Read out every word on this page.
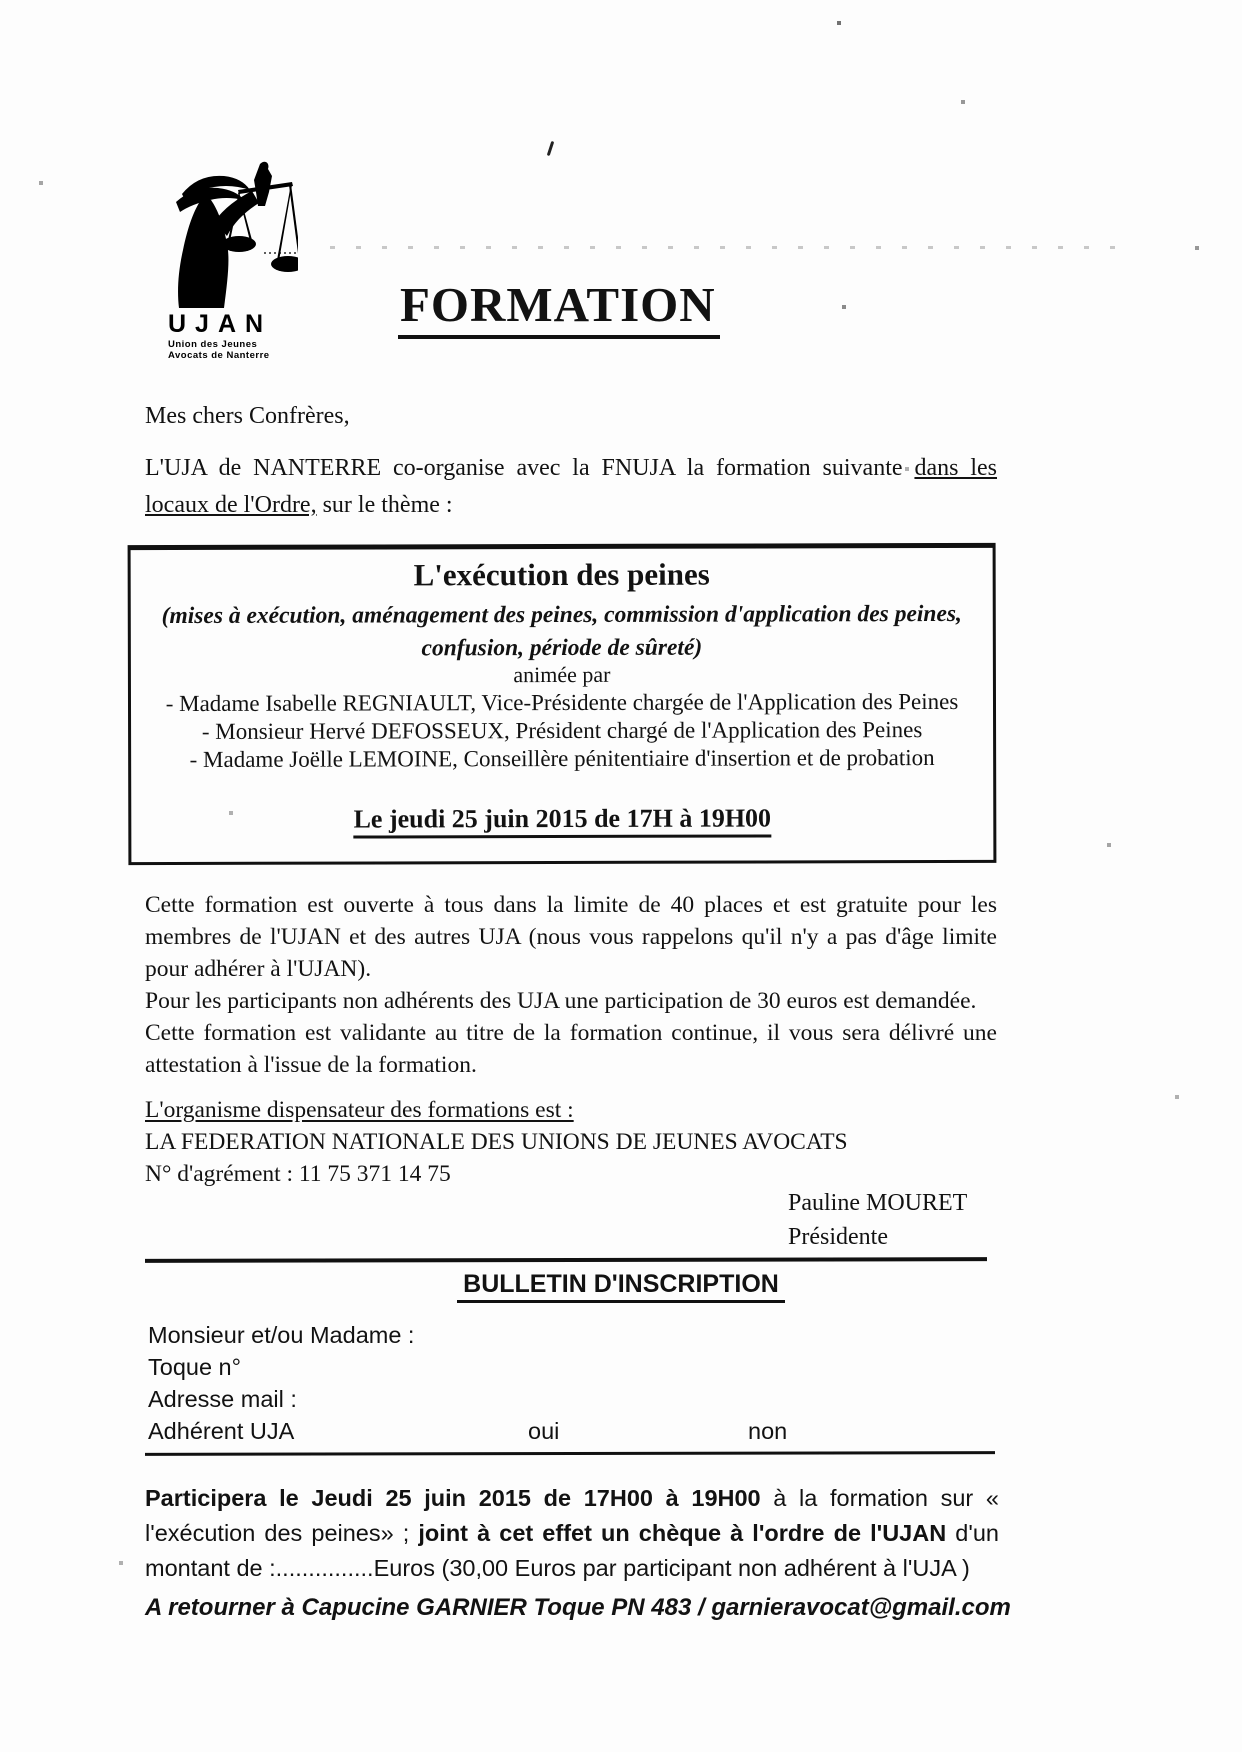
UJAN
Union des Jeunes
Avocats de Nanterre
FORMATION
Mes chers Confrères,
L'UJA de NANTERRE co-organise avec la FNUJA la formation suivante dans les locaux de l'Ordre, sur le thème :
L'exécution des peines
(mises à exécution, aménagement des peines, commission d'application des peines, confusion, période de sûreté)
animée par
- Madame Isabelle REGNIAULT, Vice-Présidente chargée de l'Application des Peines
- Monsieur Hervé DEFOSSEUX, Président chargé de l'Application des Peines
- Madame Joëlle LEMOINE, Conseillère pénitentiaire d'insertion et de probation
Le jeudi 25 juin 2015 de 17H à 19H00

Cette formation est ouverte à tous dans la limite de 40 places et est gratuite pour les membres de l'UJAN et des autres UJA (nous vous rappelons qu'il n'y a pas d'âge limite pour adhérer à l'UJAN).

Pour les participants non adhérents des UJA une participation de 30 euros est demandée.

Cette formation est validante au titre de la formation continue, il vous sera délivré une attestation à l'issue de la formation.

L'organisme dispensateur des formations est :
LA FEDERATION NATIONALE DES UNIONS DE JEUNES AVOCATS
N° d'agrément : 11 75 371 14 75
Pauline MOURET
Présidente
BULLETIN D'INSCRIPTION
Monsieur et/ou Madame :
Toque n°
Adresse mail :
Adhérent UJA	oui	non
Participera le Jeudi 25 juin 2015 de 17H00 à 19H00 à la formation sur « l'exécution des peines» ; joint à cet effet un chèque à l'ordre de l'UJAN d'un montant de :...............Euros (30,00 Euros par participant non adhérent à l'UJA )
A retourner à Capucine GARNIER Toque PN 483 / garnieravocat@gmail.com
